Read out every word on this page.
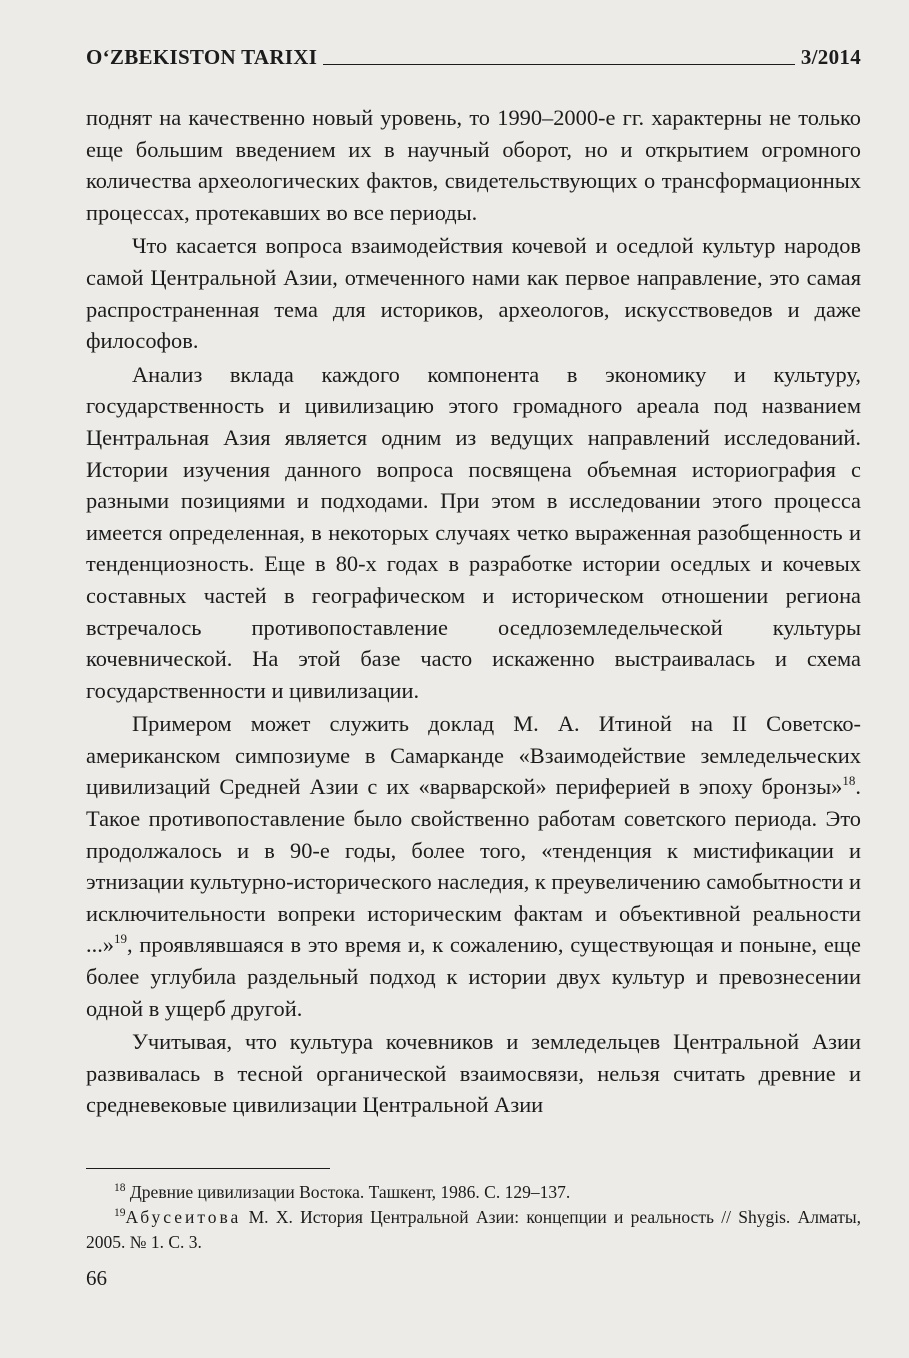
O‘ZBEKISTON TARIXI	3/2014

поднят на качественно новый уровень, то 1990–2000-е гг. характерны не только еще большим введением их в научный оборот, но и открытием огромного количества археологических фактов, свидетельствующих о трансформационных процессах, протекавших во все периоды.

Что касается вопроса взаимодействия кочевой и оседлой культур народов самой Центральной Азии, отмеченного нами как первое направление, это самая распространенная тема для историков, археологов, искусствоведов и даже философов.

Анализ вклада каждого компонента в экономику и культуру, государственность и цивилизацию этого громадного ареала под названием Центральная Азия является одним из ведущих направлений исследований. Истории изучения данного вопроса посвящена объемная историография с разными позициями и подходами. При этом в исследовании этого процесса имеется определенная, в некоторых случаях четко выраженная разобщенность и тенденциозность. Еще в 80-х годах в разработке истории оседлых и кочевых составных частей в географическом и историческом отношении региона встречалось противопоставление оседлоземледельческой культуры кочевнической. На этой базе часто искаженно выстраивалась и схема государственности и цивилизации.

Примером может служить доклад М. А. Итиной на II Советско-американском симпозиуме в Самарканде «Взаимодействие земледельческих цивилизаций Средней Азии с их «варварской» периферией в эпоху бронзы»$^{18}$. Такое противопоставление было свойственно работам советского периода. Это продолжалось и в 90-е годы, более того, «тенденция к мистификации и этнизации культурно-исторического наследия, к преувеличению самобытности и исключительности вопреки историческим фактам и объективной реальности ...»$^{19}$, проявлявшаяся в это время и, к сожалению, существующая и поныне, еще более углубила раздельный подход к истории двух культур и превознесении одной в ущерб другой.

Учитывая, что культура кочевников и земледельцев Центральной Азии развивалась в тесной органической взаимосвязи, нельзя считать древние и средневековые цивилизации Центральной Азии

$^{18}$ Древние цивилизации Востока. Ташкент, 1986. С. 129–137.

$^{19}$Абусеитова М. Х. История Центральной Азии: концепции и реальность // Shygis. Алматы, 2005. № 1. С. 3.

66
